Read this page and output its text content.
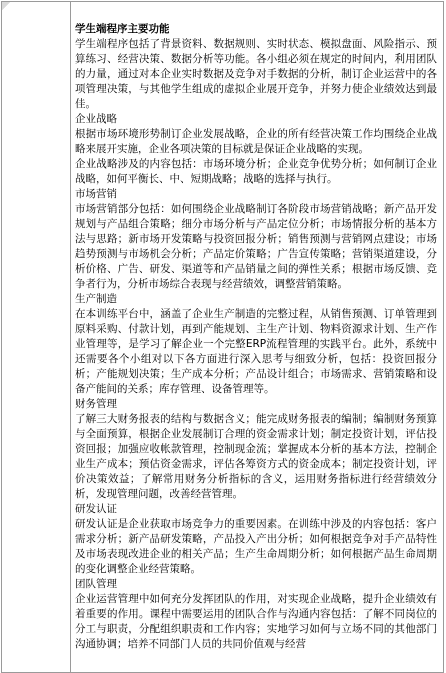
学生端程序主要功能

学生端程序包括了背景资料、数据规则、实时状态、模拟盘面、风险指示、预算练习、经营决策、数据分析等功能。各小组必须在规定的时间内，利用团队的力量，通过对本企业实时数据及竞争对手数据的分析，制订企业运营中的各项管理决策，与其他学生组成的虚拟企业展开竞争，并努力使企业绩效达到最佳。

企业战略

根据市场环境形势制订企业发展战略，企业的所有经营决策工作均围绕企业战略来展开实施，企业各项决策的目标就是保证企业战略的实现。

企业战略涉及的内容包括：市场环境分析；企业竞争优势分析；如何制订企业战略，如何平衡长、中、短期战略；战略的选择与执行。

市场营销

市场营销部分包括：如何围绕企业战略制订各阶段市场营销战略；新产品开发规划与产品组合策略；细分市场分析与产品定位分析；市场情报分析的基本方法与思路；新市场开发策略与投资回报分析；销售预测与营销网点建设；市场趋势预测与市场机会分析；产品定价策略；广告宣传策略；营销渠道建设，分析价格、广告、研发、渠道等和产品销量之间的弹性关系；根据市场反馈、竞争者行为，分析市场综合表现与经营绩效，调整营销策略。

生产制造

在本训练平台中，涵盖了企业生产制造的完整过程，从销售预测、订单管理到原料采购、付款计划，再到产能规划、主生产计划、物料资源求计划、生产作业管理等，是学习了解企业一个完整ERP流程管理的实践平台。此外，系统中还需要各个小组对以下各方面进行深入思考与细致分析，包括：投资回报分析；产能规划决策；生产成本分析；产品设计组合；市场需求、营销策略和设备产能间的关系；库存管理、设备管理等。

财务管理

了解三大财务报表的结构与数据含义；能完成财务报表的编制；编制财务预算与全面预算，根据企业发展制订合理的资金需求计划；制定投资计划，评估投资回报；加强应收帐款管理，控制现金流；掌握成本分析的基本方法，控制企业生产成本；预估资金需求，评估各筹资方式的资金成本；制定投资计划，评价决策效益；了解常用财务分析指标的含义，运用财务指标进行经营绩效分析，发现管理问题，改善经营管理。

研发认证

研发认证是企业获取市场竞争力的重要因素。在训练中涉及的内容包括：客户需求分析；新产品研发策略，产品投入产出分析；如何根据竞争对手产品特性及市场表现改进企业的相关产品；生产生命周期分析；如何根据产品生命周期的变化调整企业经营策略。

团队管理

企业运营管理中如何充分发挥团队的作用，对实现企业战略，提升企业绩效有着重要的作用。课程中需要运用的团队合作与沟通内容包括：了解不同岗位的分工与职责，分配组织职责和工作内容；实地学习如何与立场不同的其他部门沟通协调；培养不同部门人员的共同价值观与经营
